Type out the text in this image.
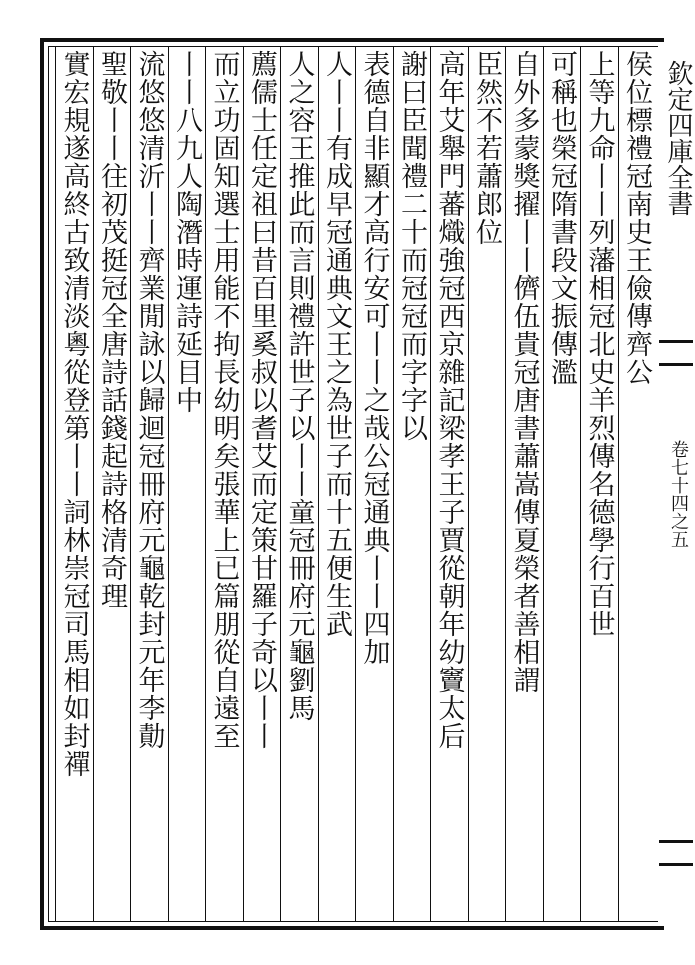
欽定四庫全書
卷七十四之五
侯位標禮冠南史王儉傳齊公
上等九命丨丨列藩相冠北史羊烈傳名德學行百世
可稱也榮冠隋書段文振傳濫
自外多蒙獎擢丨丨儕伍貴冠唐書蕭嵩傳夏榮者善相謂
臣然不若蕭郎位
高年艾舉門蕃熾強冠西京雜記梁孝王子賈從朝年幼竇太后
謝曰臣聞禮二十而冠冠而字字以
表德自非顯才高行安可丨丨之哉公冠通典丨丨四加
人丨丨有成早冠通典文王之為世子而十五便生武
人之容王推此而言則禮許世子以丨丨童冠冊府元龜劉馬
薦儒士任定祖曰昔百里奚叔以耆艾而定策甘羅子奇以丨丨
而立功固知選士用能不拘長幼明矣張華上已篇朋從自遠至
丨丨八九人陶潛時運詩延目中
流悠悠清沂丨丨齊業閒詠以歸迴冠冊府元龜乾封元年李勣
聖敬丨丨往初茂挺冠全唐詩話錢起詩格清奇理
實宏規遂高終古致清淡粵從登第丨丨詞林崇冠司馬相如封禪
